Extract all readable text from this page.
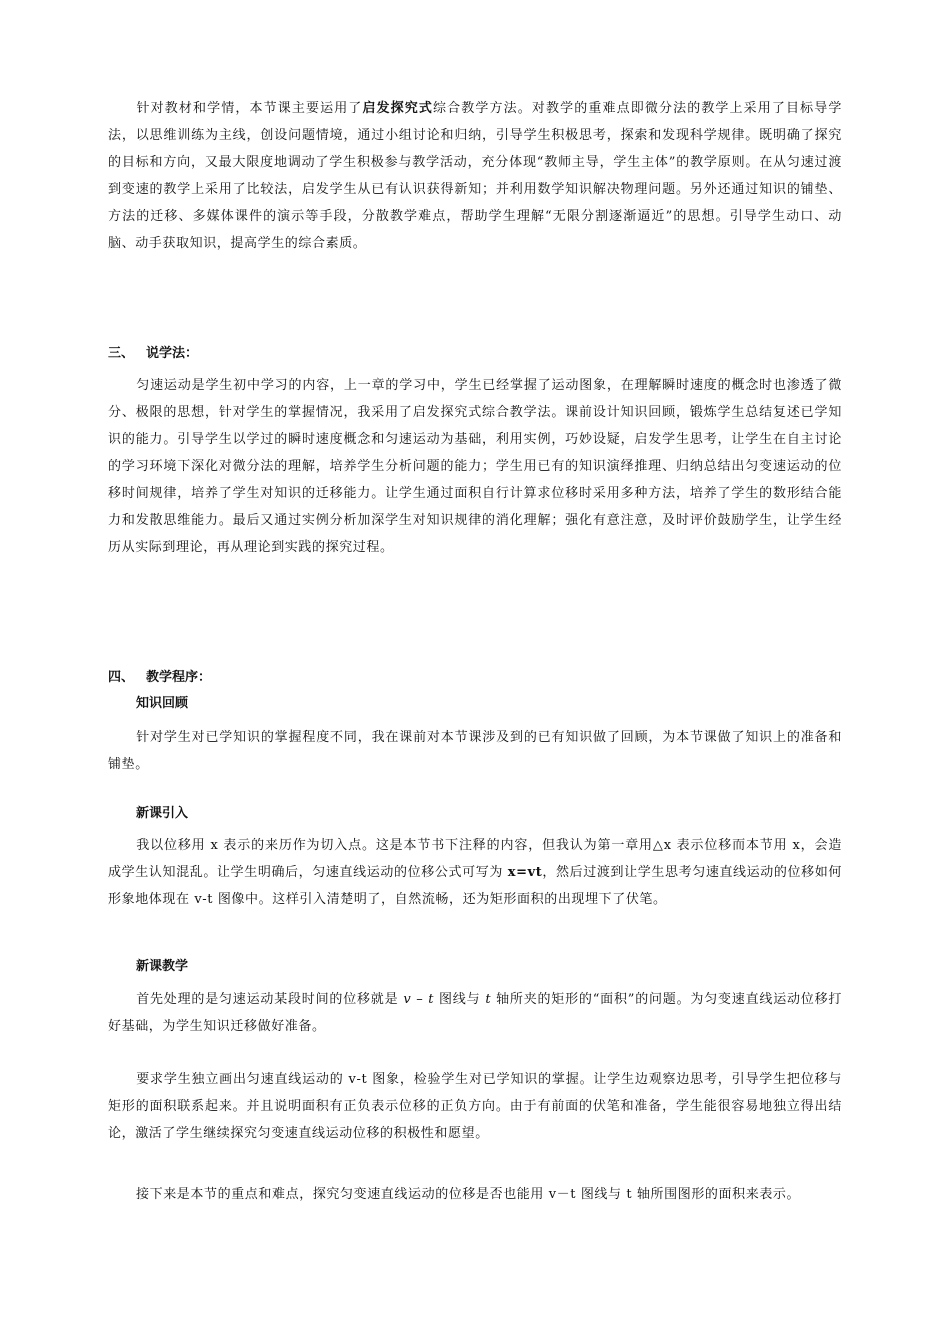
针对教材和学情，本节课主要运用了启发探究式综合教学方法。对教学的重难点即微分法的教学上采用了目标导学法，以思维训练为主线，创设问题情境，通过小组讨论和归纳，引导学生积极思考，探索和发现科学规律。既明确了探究的目标和方向，又最大限度地调动了学生积极参与教学活动，充分体现“教师主导，学生主体”的教学原则。在从匀速过渡到变速的教学上采用了比较法，启发学生从已有认识获得新知；并利用数学知识解决物理问题。另外还通过知识的铺垫、方法的迁移、多媒体课件的演示等手段，分散教学难点，帮助学生理解“无限分割逐渐逼近”的思想。引导学生动口、动脑、动手获取知识，提高学生的综合素质。

三、 说学法：

匀速运动是学生初中学习的内容，上一章的学习中，学生已经掌握了运动图象，在理解瞬时速度的概念时也渗透了微分、极限的思想，针对学生的掌握情况，我采用了启发探究式综合教学法。课前设计知识回顾，锻炼学生总结复述已学知识的能力。引导学生以学过的瞬时速度概念和匀速运动为基础，利用实例，巧妙设疑，启发学生思考，让学生在自主讨论的学习环境下深化对微分法的理解，培养学生分析问题的能力；学生用已有的知识演绎推理、归纳总结出匀变速运动的位移时间规律，培养了学生对知识的迁移能力。让学生通过面积自行计算求位移时采用多种方法，培养了学生的数形结合能力和发散思维能力。最后又通过实例分析加深学生对知识规律的消化理解；强化有意注意，及时评价鼓励学生，让学生经历从实际到理论，再从理论到实践的探究过程。

四、 教学程序：
知识回顾

针对学生对已学知识的掌握程度不同，我在课前对本节课涉及到的已有知识做了回顾，为本节课做了知识上的准备和铺垫。

新课引入

我以位移用 x 表示的来历作为切入点。这是本节书下注释的内容，但我认为第一章用△x 表示位移而本节用 x，会造成学生认知混乱。让学生明确后，匀速直线运动的位移公式可写为 x=vt，然后过渡到让学生思考匀速直线运动的位移如何形象地体现在 v-t 图像中。这样引入清楚明了，自然流畅，还为矩形面积的出现埋下了伏笔。

新课教学

首先处理的是匀速运动某段时间的位移就是 v – t 图线与 t 轴所夹的矩形的“面积”的问题。为匀变速直线运动位移打好基础，为学生知识迁移做好准备。

要求学生独立画出匀速直线运动的 v-t 图象，检验学生对已学知识的掌握。让学生边观察边思考，引导学生把位移与矩形的面积联系起来。并且说明面积有正负表示位移的正负方向。由于有前面的伏笔和准备，学生能很容易地独立得出结论，激活了学生继续探究匀变速直线运动位移的积极性和愿望。

接下来是本节的重点和难点，探究匀变速直线运动的位移是否也能用 v－t 图线与 t 轴所围图形的面积来表示。
